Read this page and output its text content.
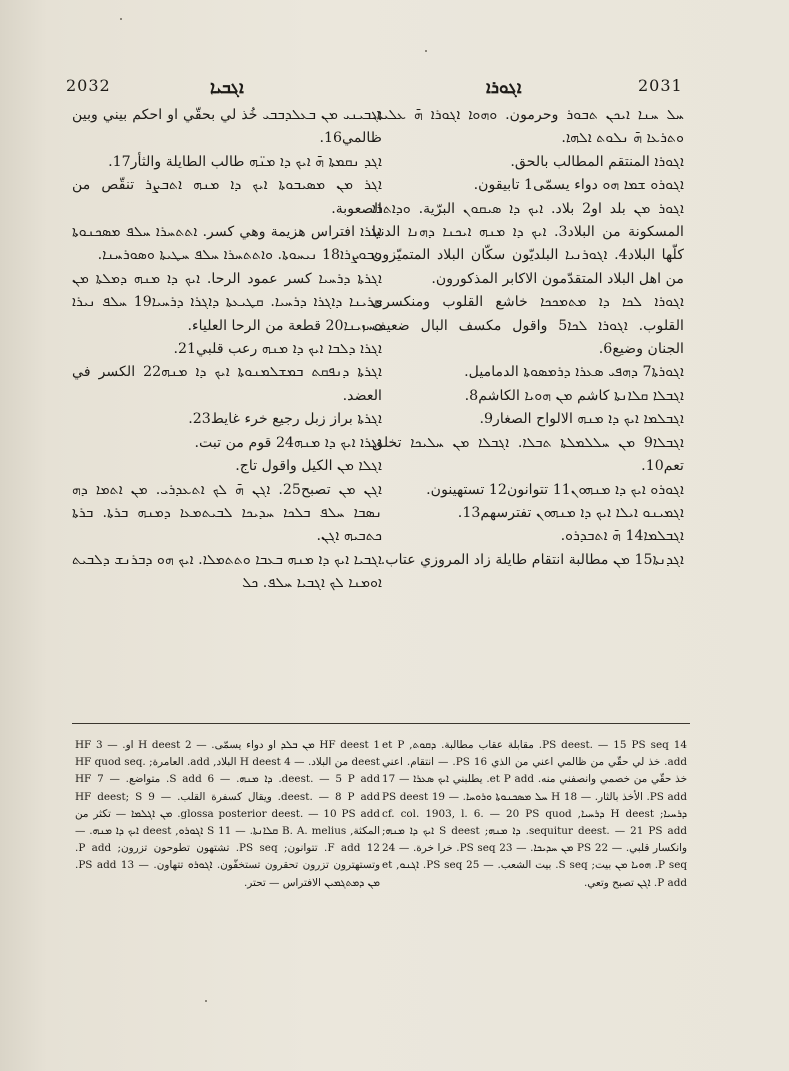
2032	ܐܓܒܝܐ	ܐܓܘܪܐ	2031

ܐܓܒܝܢܝ ܡܢ ܒܥܠܕܒܒܝ خُذ لي بحقّي او احكم بيني وبين ظالمي16.

ܐܓܕ ܢܩܡܬܐ ܗ̄ ܐܝܟ ܕܐ ܡܢ̈ܗ طالب الطايلة والثأر17.

ܐܓܪ ܡܢ ܡܣܝܒܘܬܐ ܐܝܟ ܕܐ ܡܢܗ ܐܬܒܨܪ تنقّص من الصعوبة.

ܐܓܪܐ افتراس هزيمة وهي كسر. ܐܬܬܚܪܐ ܚܠܦ ܡܣܟܢܘܬܐ ܘܒܘܨܪܐ18 ܢܝܚܘܬܐ. ܘܐܬܬܚܪܐ ܚܠܦ ܚܛܝܬܐ ܘܣܘܪܚܢܐ.

ܐܓܪܬܐ ܕܪܚܝܐ كسر عمود الرحا. ܐܝܟ ܕܐ ܡܢܗ ܕܡܠܬܐ ܡܢ ܩܪܝܢܐ ܕܐܓܪܐ ܕܪܚܝܐ. ܩܛܝܥܬܐ ܕܐܓܪܐ ܕܪܚܝܐ19 ܚܠܦ ܢܝܪܐ ܘܚܙܝܢܐ20 قطعة من الرحا العلياء.

ܐܓܪܐ ܕܠܒܐ ܐܝܟ ܕܐ ܡܢܗ رعب قلبي21.

ܐܓܪܬܐ ܕܢܦܩܬ ܒܡܫܠܡܢܘܬܐ ܐܝܟ ܕܐ ܡܢܗ22 الكسر في العضد.

ܐܓܪܬܐ براز زبل رجيع خرء غايط23.

ܐܓܪܐ ܐܝܟ ܕܐ ܡܢܗ24 قوم من تبت.

ܐܓܠܐ ܡܢ الكيل واقول تاج.

ܐܓܢ ܡܢ تصبح25. ܐܓܢ ܗ̄ ܠܟ ܐܬܥܕܪܝ. ܡܢ ܐܬܡܐ ܕܗ ܢܣܒܐ ܚܠܦ ܒܠܟܐ ܚܕܝܟܐ ܠܒܝܬܡܥܐ ܕܡܢܗ ܒܪܬܐ. ܒܪܬܐ ܟܬܒܝܗ ܐܓܢ.

ܐܓܒܝܐ ܐܝܟ ܕܐ ܡܢܗ ܒܥܒܐ ܘܬܬܡܠܐ. ܐܝܟ ܗܘ ܕܒܪܢܫ ܕܠܒܝܬ ܐܘܡܢܐ ܠܟ ܐܓܒܝܐ ܚܠܦ. ܟܠ

ܚܠ ܚܢܐ ܐܝܟܢ ܬܒܘܪ وحرمون. ܘܗܘܐ ܐܓܘܪܐ ܗ̄ ܥܠܝܬܐ. ܘܬܪܥܐ ܗ̄ ܢܠܘܬ ܐܠܗܐ.

ܐܓܘܪܐ المنتقم المطالب بالحق.

ܐܓܘܪܘ ܫܡܐ ܗܘ دواء يسمّى1 تابيقون.

ܐܓܘܪ ܡܢ بلد او2 بلاد. ܐܝܟ ܕܐ ܣܝܩܘܢ البرّية. ܘܕܐܬܪܐ المسكونة من البلاد3. ܐܝܟ ܕܐ ܡܢܗ ܐܝܟܢܐ ܕܗܢܐ الدنيا كلّها البلاد4. ܐܓܘܪܢܝܐ البلديّون سكّان البلاد المتميّزون من اهل البلاد المتقدّمون الاكابر المذكورون.

ܐܓܘܪܐ ܠܟܐ ܕܐ ܡܬܡܟܟܐ خاشع القلوب ومنكسرى القلوب. ܐܓܘܪܐ ܠܟܐ5 واقول مكسف البال ضعيف الجنان وضيع6.

ܐܓܘܪܬܐ7 ܕܗܦܝ ܣܥܪܐ ܕܪܡܣܘܬܐ الدماميل.

ܐܓܒܠܐ ܩܠܐܢܬܐ كاشم ܡܢ ܗܘܝܐ الكاشم8.

ܐܓܒܠܡܐ ܐܝܟ ܕܐ ܡܢܗ الالواح الصغار9.

ܐܓܒܠܐ9 ܡܢ ܚܠܠܡܠܬܐ ܬܒܠܐ. ܐܓܒܠܐ ܡܢ ܚܠܝܟܐ تخلق تعم10.

ܐܓܘܪܘ ܐܝܟ ܕܐ ܡܢܗܘܢ11 تتوانون12 تستهينون.

ܐܓܡܝܢܘ ܐܝܠܐ ܐܝܟ ܕܐ ܡܢܗܘܢ تفترسهم13.

ܐܓܒܠܡܐ14 ܗ̄ ܐܬܒܕܪܘ.

ܐܓܕܢܬܐ15 ܡܢ مطالبة انتقام طايلة زاد المروزي عتاب.

1 HF deest ܡܢ ܒܠܕ او دواء يسمّى. — 2 H deest او. — 3 HF deest من البلاد. — 4 H deest البلاد, add. العامرة; HF quod seq. deest. — 5 P add. ܕܐ ܡܢܗ. — 6 S add. متواضع. — 7 HF deest. — 8 P add. ويقال كسفرة القلب. — 9 HF deest; S glossa posterior deest. — 10 PS add. ܡܢ ܐܓܠܡܐ — تكثر من المكثة, B. A. melius ܩܠܐܢܬܐ. — 11 S ܐܓܘܪܘ, deest ܐܝܟ ܕܐ ܡܢܗ. — 12 F add. تتوانون; PS seq. تشتهون تطوحون تزرون; P add. وتستهترون تزرون تحقرون تستخفّون. ܐܓܘܪܘ تتهاون. — 13 PS add. ܡܢ ܕܡܬܓܡܝܢ الافتراس — تحتر.
14 PS deest. — 15 PS seq. مقابلة عقاب مطالبة. ܕܩܘܬ, et P add. خذ لي حقّي من ظالمي اعني من الذي 16 PS. — انتقام. اعني خذ حقّي من خصمي وانصفني منه. et P add. يطلبني ܐܝܟ ܣܥܪܐ — 17 PS add. الأخذ بالثار. — 18 H ܚܠ ܡܣܟܢܘܬܐ ܘܪܘܚܐ. — 19 PS deest ܕܪܚܝܐ; H deest ܕܪܚܝܐ, cf. col. 1903, l. 6. — 20 PS quod sequitur deest. — 21 PS add. ܕܐ ܡܢܗ; S deest ܐܝܟ ܕܐ ܡܢܗ; وانكسار قلبي. — 22 PS ܡܢ ܚܕܝܟܐ. — 23 PS seq. خرا خرة. — 24 P seq. ܗܘܝܐ ܡܢ بيت; S seq. بيت الشعب. — 25 PS seq. ܐܓܢܘ, et P add. ܐܓܢ تصبح وتعي.
